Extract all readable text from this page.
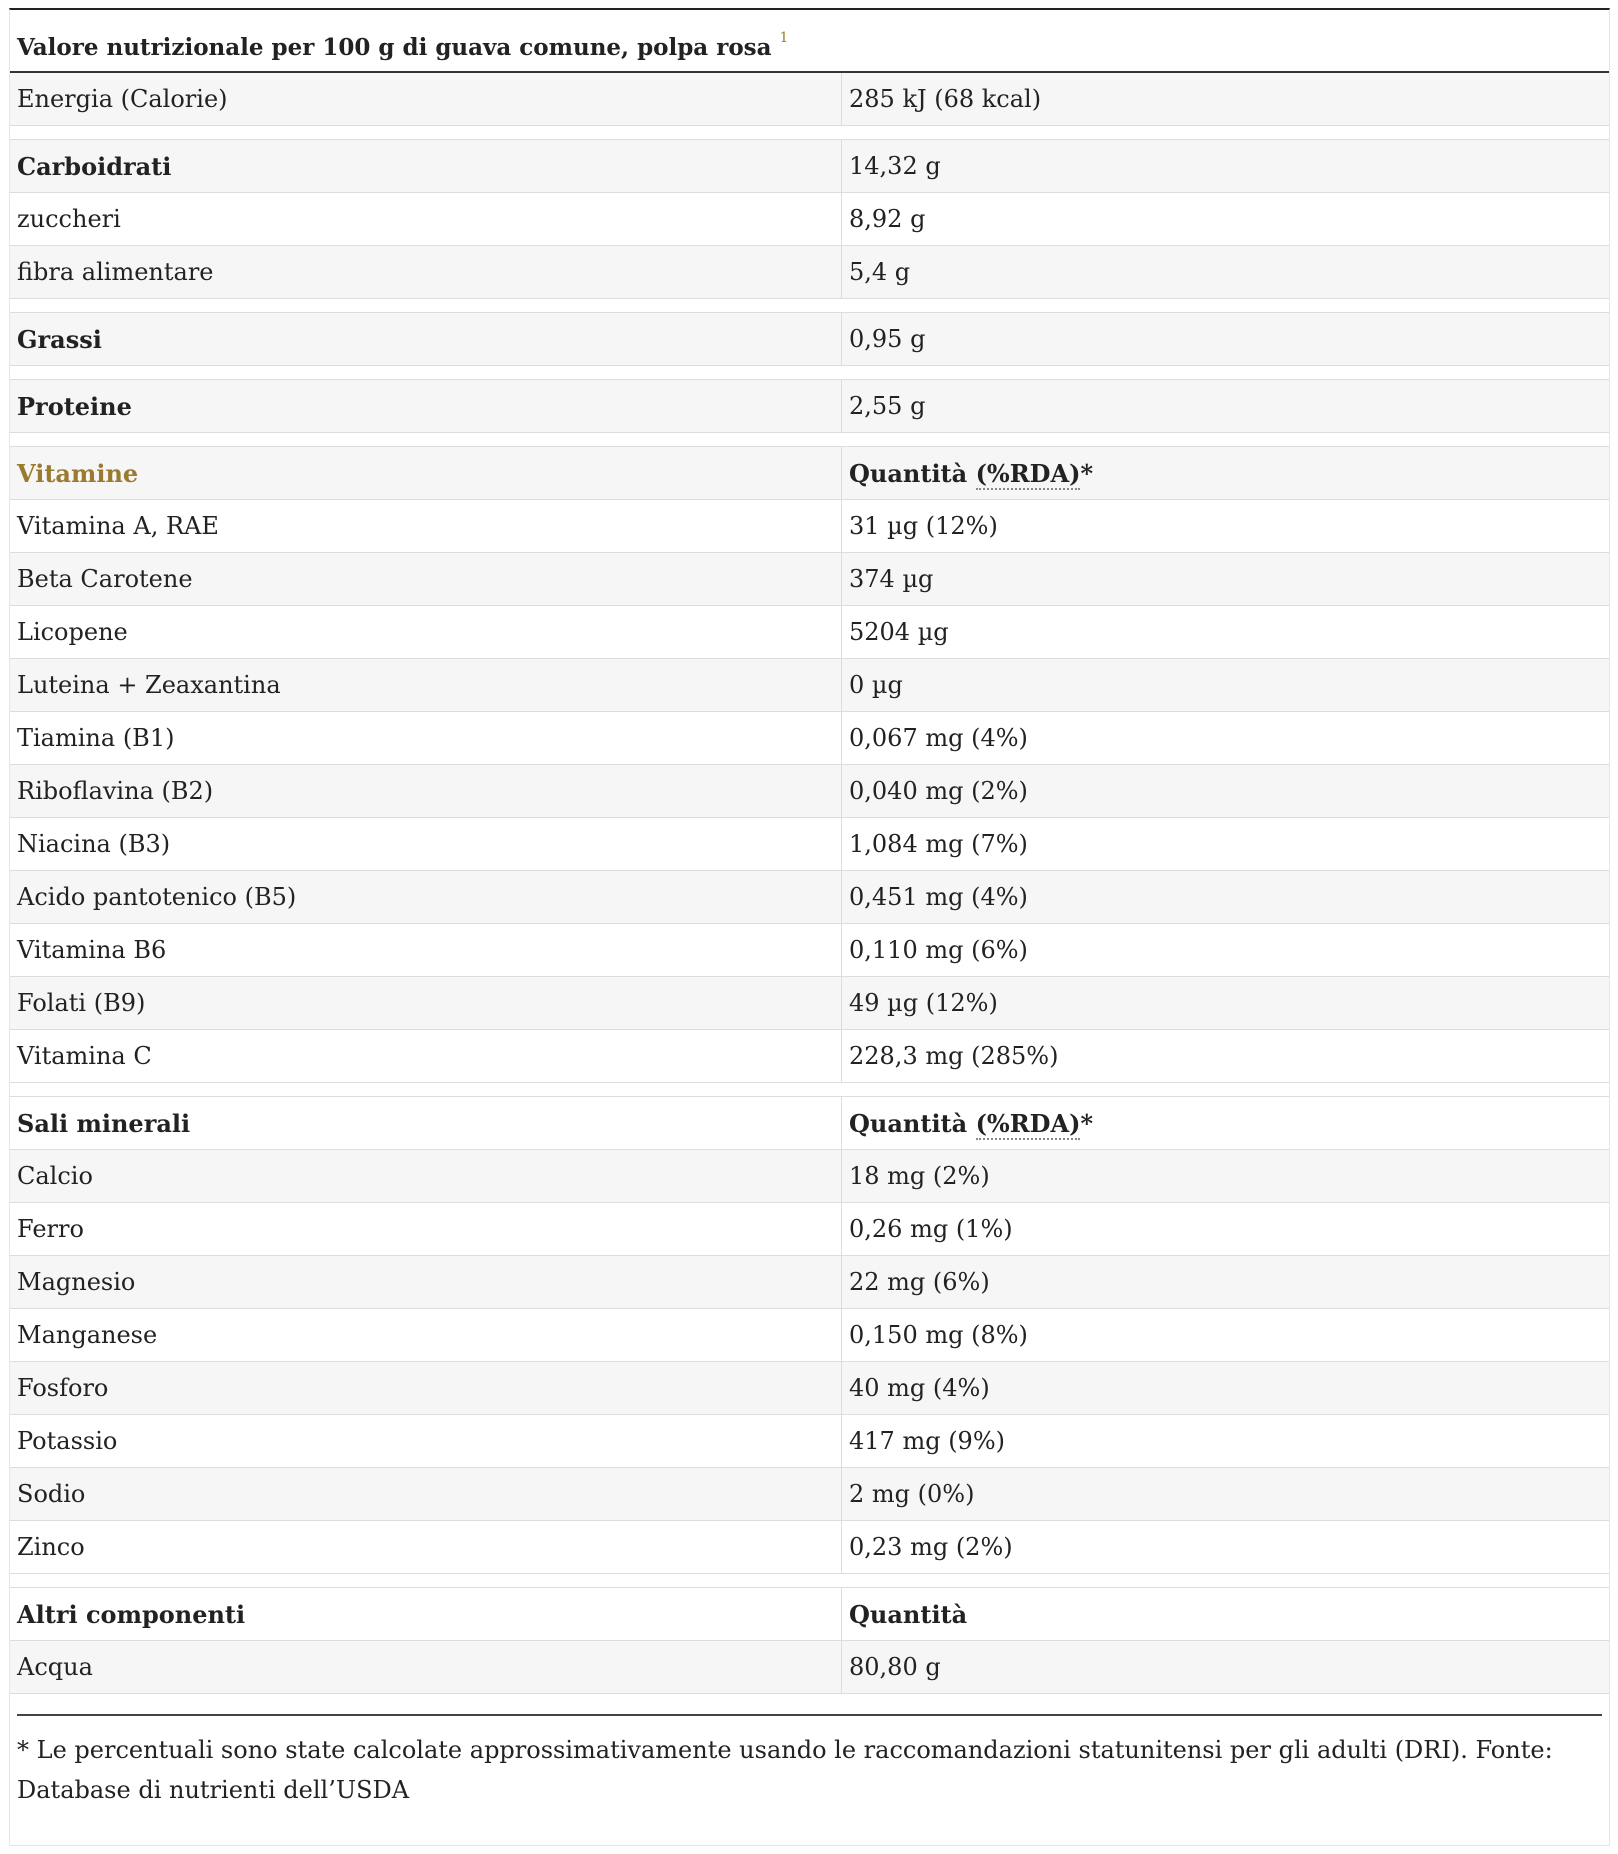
Valore nutrizionale per 100 g di guava comune, polpa rosa $^1$
Energia (Calorie)	285 kJ (68 kcal)
Carboidrati	14,32 g
zuccheri	8,92 g
fibra alimentare	5,4 g
Grassi	0,95 g
Proteine	2,55 g
Vitamine	Quantità (%RDA)*
Vitamina A, RAE	31 µg (12%)
Beta Carotene	374 µg
Licopene	5204 µg
Luteina + Zeaxantina	0 µg
Tiamina (B1)	0,067 mg (4%)
Riboflavina (B2)	0,040 mg (2%)
Niacina (B3)	1,084 mg (7%)
Acido pantotenico (B5)	0,451 mg (4%)
Vitamina B6	0,110 mg (6%)
Folati (B9)	49 µg (12%)
Vitamina C	228,3 mg (285%)
Sali minerali	Quantità (%RDA)*
Calcio	18 mg (2%)
Ferro	0,26 mg (1%)
Magnesio	22 mg (6%)
Manganese	0,150 mg (8%)
Fosforo	40 mg (4%)
Potassio	417 mg (9%)
Sodio	2 mg (0%)
Zinco	0,23 mg (2%)
Altri componenti	Quantità
Acqua	80,80 g
* Le percentuali sono state calcolate approssimativamente usando le raccomandazioni statunitensi per gli adulti (DRI). Fonte: Database di nutrienti dell’USDA
